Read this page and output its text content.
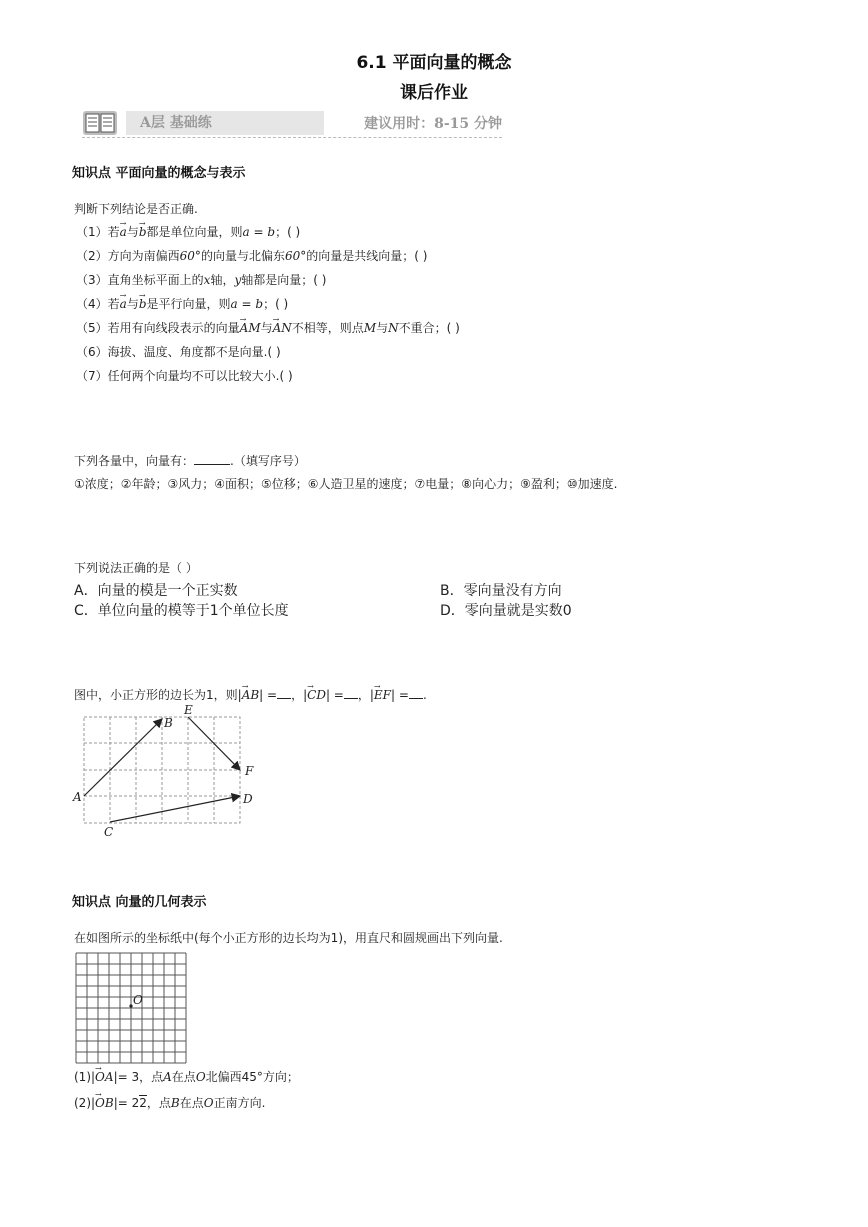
6.1 平面向量的概念
课后作业
A层 基础练	建议用时：8-15 分钟
知识点 平面向量的概念与表示
判断下列结论是否正确.
（1）若a →与b →都是单位向量，则a = b；( )
（2）方向为南偏西60°的向量与北偏东60°的向量是共线向量；( )
（3）直角坐标平面上的x轴，y轴都是向量；( )
（4）若a →与b →是平行向量，则a = b；( )
（5）若用有向线段表示的向量AM →与AN →不相等，则点M与N不重合；( )
（6）海拔、温度、角度都不是向量.( )
（7）任何两个向量均不可以比较大小.( )
下列各量中，向量有：	.（填写序号）
①浓度；②年龄；③风力；④面积；⑤位移；⑥人造卫星的速度；⑦电量；⑧向心力；⑨盈利；⑩加速度.
下列说法正确的是（ ）
A．向量的模是一个正实数	B．零向量没有方向
C．单位向量的模等于1个单位长度	D．零向量就是实数0
图中，小正方形的边长为1，则|AB →| = ，|CD →| = ，|EF →| = .
A
B
C
D
E
F
知识点 向量的几何表示
在如图所示的坐标纸中(每个小正方形的边长均为1)，用直尺和圆规画出下列向量.
O
(1)|OA →|= 3，点A在点O北偏西45°方向；
(2)|OB →|= 22，点B在点O正南方向.
